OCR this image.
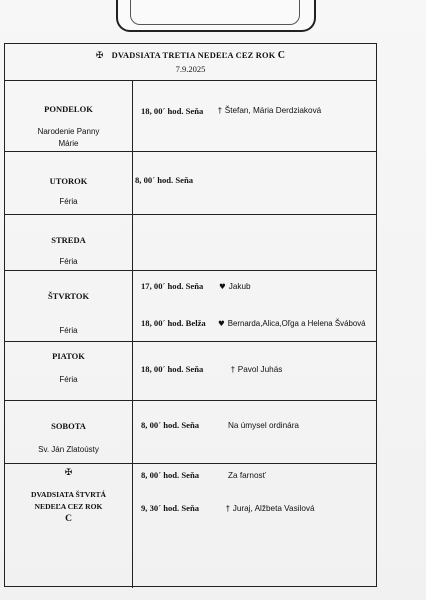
✠ DVADSIATA TRETIA NEDEĽA CEZ ROK C
7.9.2025
PONDELOK
Narodenie Panny
Márie
18, 00´ hod. Seňa † Štefan, Mária Derdziaková
UTOROK
Féria
8, 00´ hod. Seňa
STREDA
Féria
ŠTVRTOK
Féria
17, 00´ hod. Seňa ♥ Jakub
18, 00´ hod. Belža ♥ Bernarda,Alica,Oľga a Helena Švábová
PIATOK
Féria
18, 00´ hod. Seňa	† Pavol Juhás
SOBOTA
Sv. Ján Zlatoústy
8, 00´ hod. Seňa	Na úmysel ordinára
✠
DVADSIATA ŠTVRTÁ
NEDEĽA CEZ ROK
C
8, 00´ hod. Seňa	Za farnosť
9, 30´ hod. Seňa	† Juraj, Alžbeta Vasilová
